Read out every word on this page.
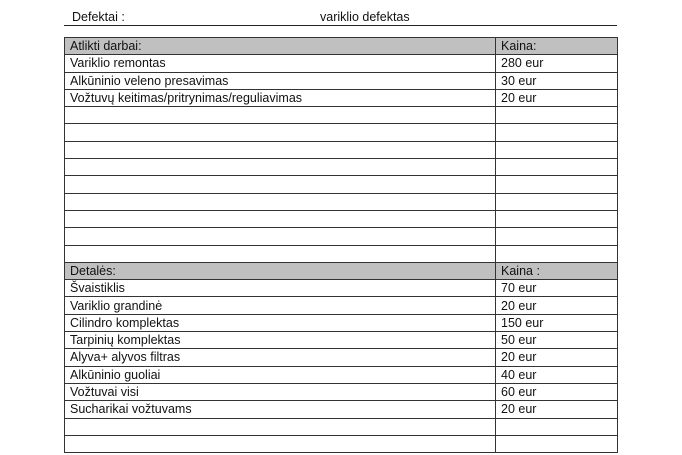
Defektai :	variklio defektas
Atlikti darbai:	Kaina:
Variklio remontas	280 eur
Alkūninio veleno presavimas	30 eur
Vožtuvų keitimas/pritrynimas/reguliavimas	20 eur

Detalės:	Kaina :
Švaistiklis	70 eur
Variklio grandinė	20 eur
Cilindro komplektas	150 eur
Tarpinių komplektas	50 eur
Alyva+ alyvos filtras	20 eur
Alkūninio guoliai	40 eur
Vožtuvai visi	60 eur
Sucharikai vožtuvams	20 eur
